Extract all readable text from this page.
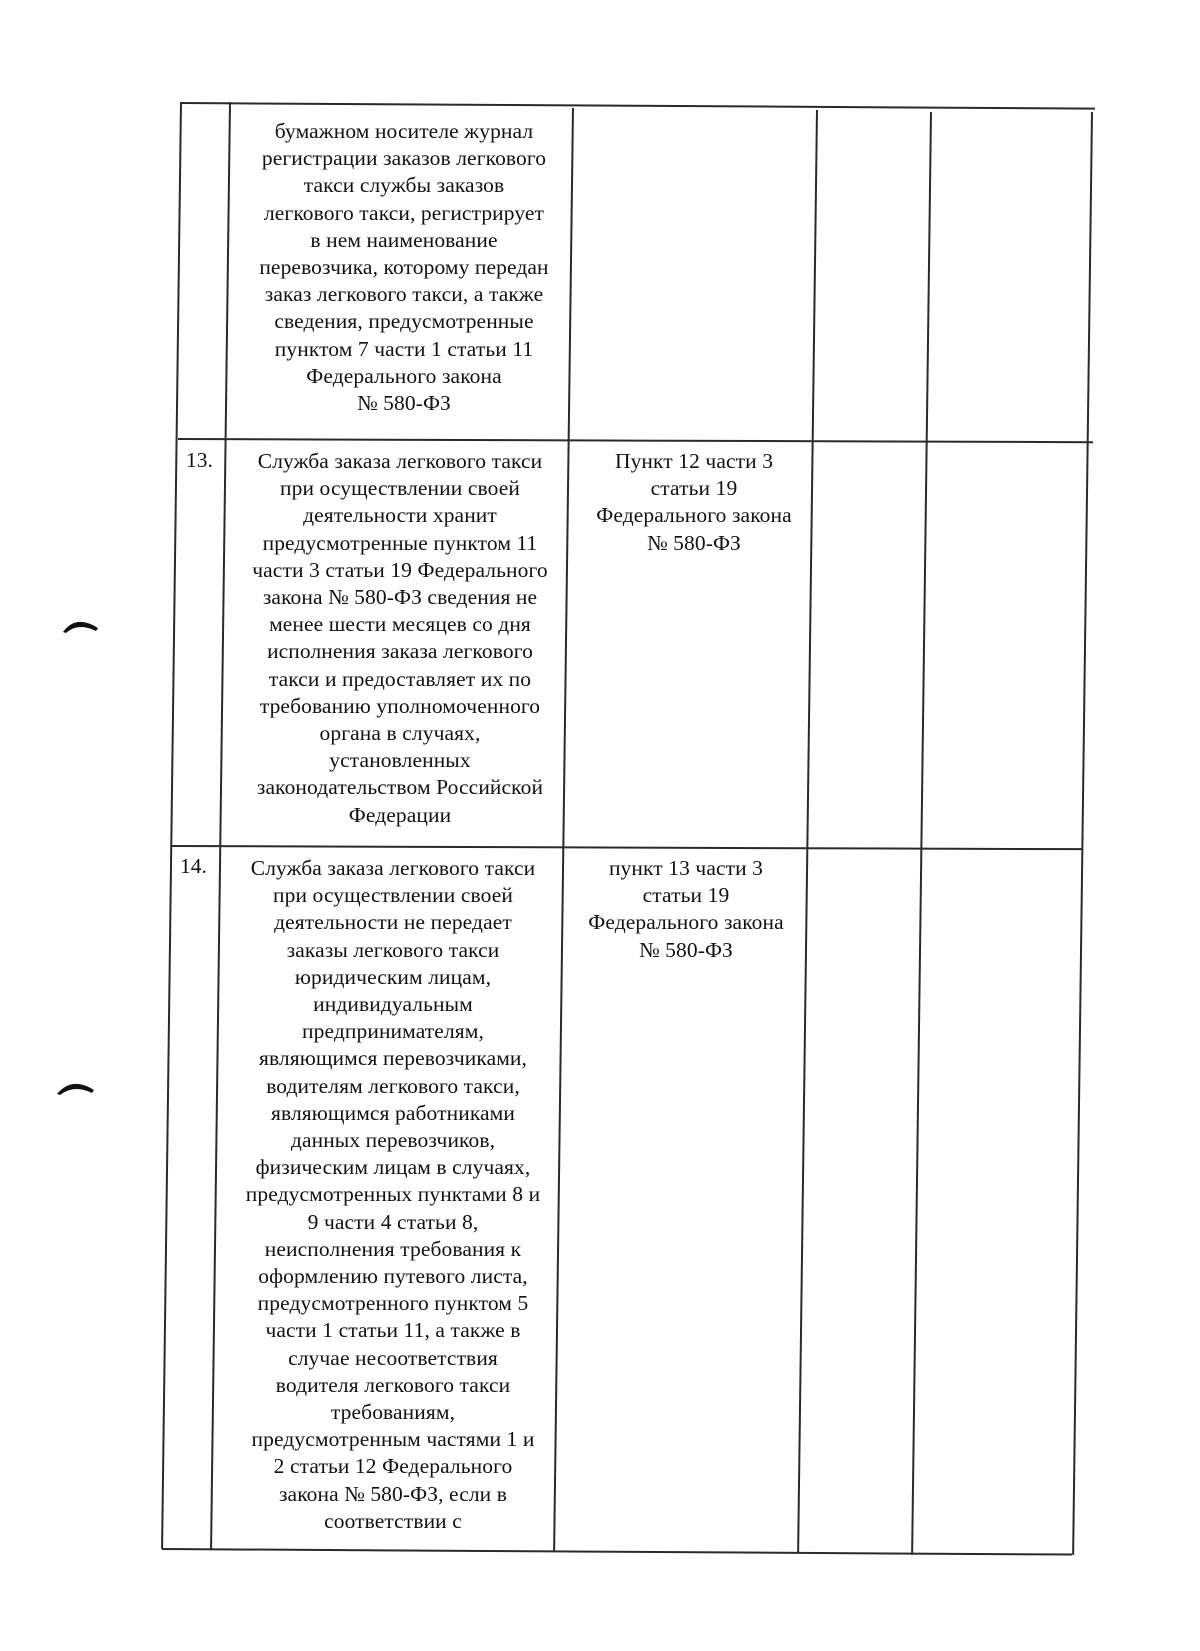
бумажном носителе журнал
регистрации заказов легкового
такси службы заказов
легкового такси, регистрирует
в нем наименование
перевозчика, которому передан
заказ легкового такси, а также
сведения, предусмотренные
пунктом 7 части 1 статьи 11
Федерального закона
№ 580-ФЗ
13.	Служба заказа легкового такси
при осуществлении своей
деятельности хранит
предусмотренные пунктом 11
части 3 статьи 19 Федерального
закона № 580-ФЗ сведения не
менее шести месяцев со дня
исполнения заказа легкового
такси и предоставляет их по
требованию уполномоченного
органа в случаях,
установленных
законодательством Российской
Федерации
Пункт 12 части 3
статьи 19
Федерального закона
№ 580-ФЗ
14.	Служба заказа легкового такси
при осуществлении своей
деятельности не передает
заказы легкового такси
юридическим лицам,
индивидуальным
предпринимателям,
являющимся перевозчиками,
водителям легкового такси,
являющимся работниками
данных перевозчиков,
физическим лицам в случаях,
предусмотренных пунктами 8 и
9 части 4 статьи 8,
неисполнения требования к
оформлению путевого листа,
предусмотренного пунктом 5
части 1 статьи 11, а также в
случае несоответствия
водителя легкового такси
требованиям,
предусмотренным частями 1 и
2 статьи 12 Федерального
закона № 580-ФЗ, если в
соответствии с
пункт 13 части 3
статьи 19
Федерального закона
№ 580-ФЗ
